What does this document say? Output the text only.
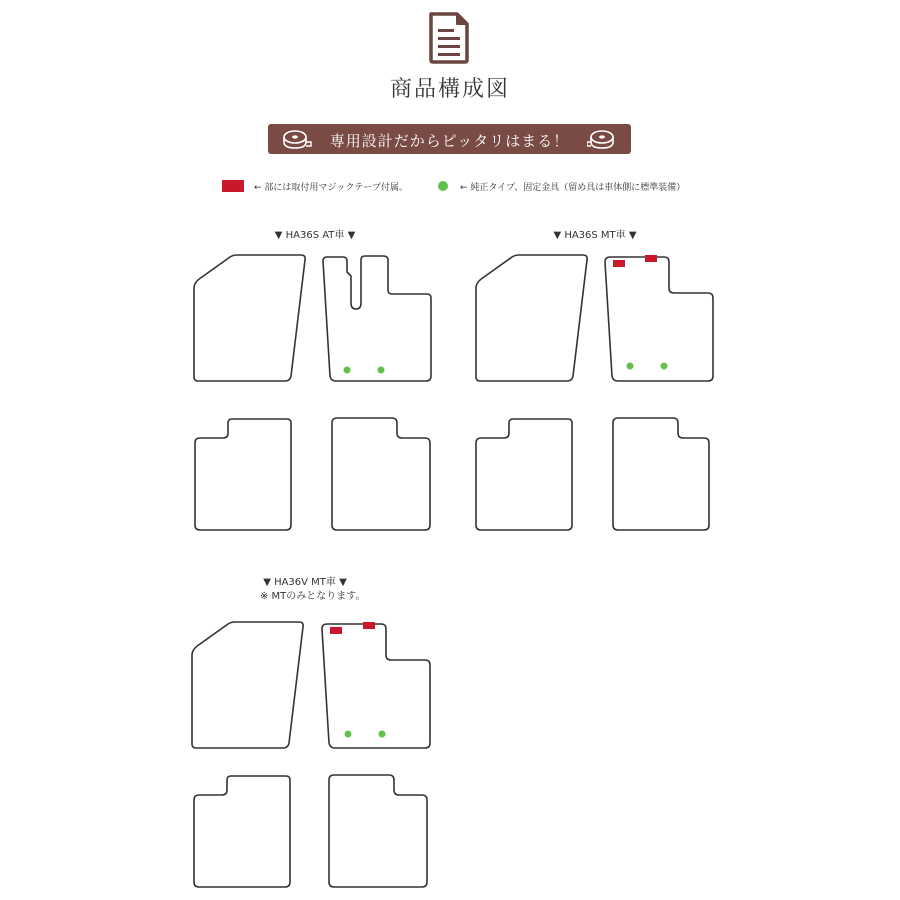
商品構成図
専用設計だからピッタリはまる！
← 部には取付用マジックテープ付属。	← 純正タイプ、固定金具（留め具は車体側に標準装備）
▼ HA36S AT車 ▼	▼ HA36S MT車 ▼
▼ HA36V MT車 ▼
※ MTのみとなります。
